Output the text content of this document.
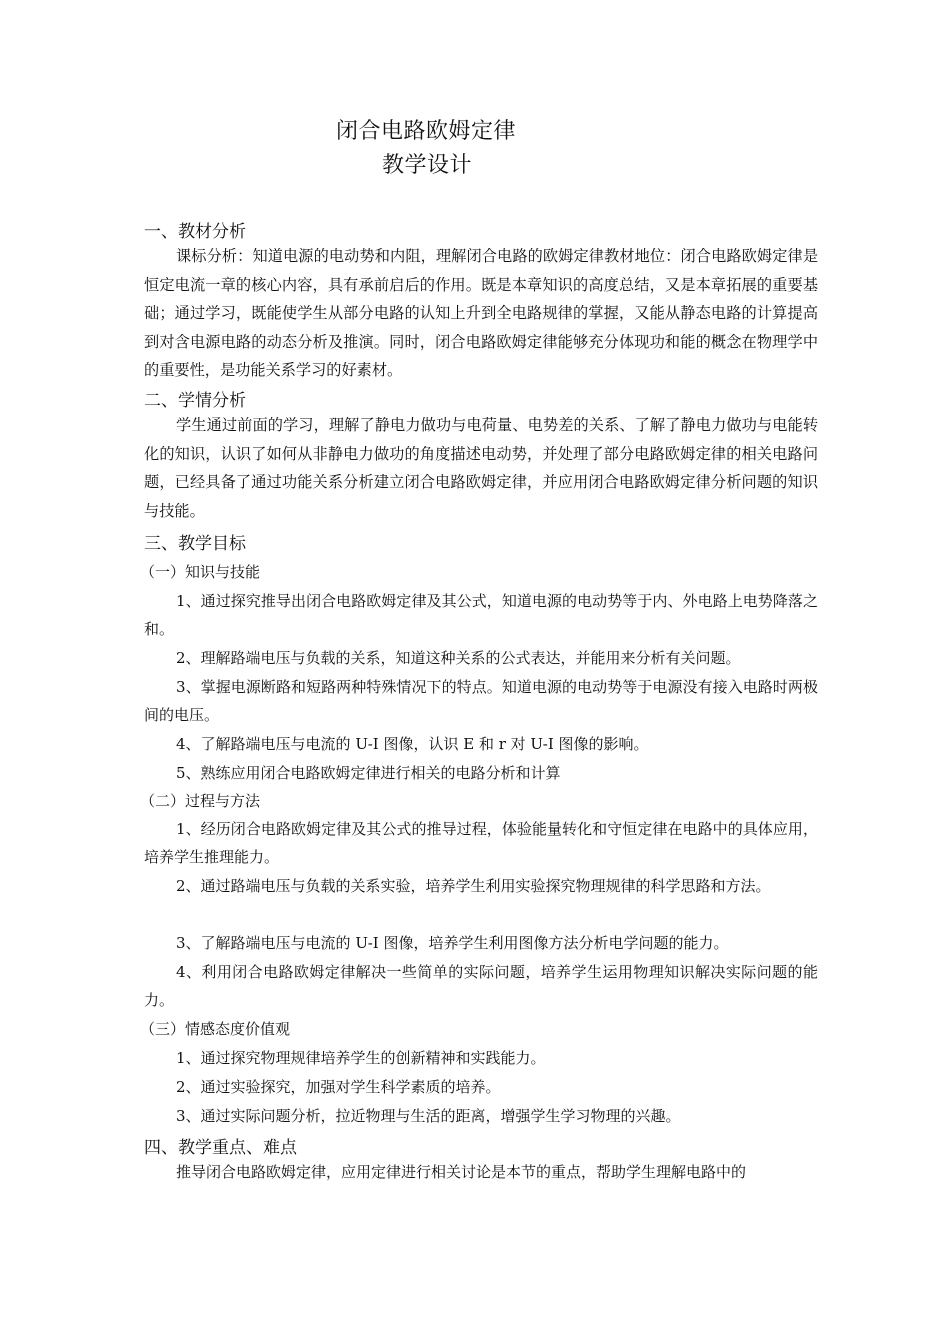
闭合电路欧姆定律
教学设计
一、教材分析
课标分析：知道电源的电动势和内阻，理解闭合电路的欧姆定律教材地位：闭合电路欧姆定律是恒定电流一章的核心内容，具有承前启后的作用。既是本章知识的高度总结，又是本章拓展的重要基础；通过学习，既能使学生从部分电路的认知上升到全电路规律的掌握，又能从静态电路的计算提高到对含电源电路的动态分析及推演。同时，闭合电路欧姆定律能够充分体现功和能的概念在物理学中的重要性，是功能关系学习的好素材。
二、学情分析
学生通过前面的学习，理解了静电力做功与电荷量、电势差的关系、了解了静电力做功与电能转化的知识，认识了如何从非静电力做功的角度描述电动势，并处理了部分电路欧姆定律的相关电路问题，已经具备了通过功能关系分析建立闭合电路欧姆定律，并应用闭合电路欧姆定律分析问题的知识与技能。
三、教学目标
（一）知识与技能
1、通过探究推导出闭合电路欧姆定律及其公式，知道电源的电动势等于内、外电路上电势降落之和。
2、理解路端电压与负载的关系，知道这种关系的公式表达，并能用来分析有关问题。
3、掌握电源断路和短路两种特殊情况下的特点。知道电源的电动势等于电源没有接入电路时两极间的电压。
4、了解路端电压与电流的 U-I 图像，认识 E 和 r 对 U-I 图像的影响。
5、熟练应用闭合电路欧姆定律进行相关的电路分析和计算
（二）过程与方法
1、经历闭合电路欧姆定律及其公式的推导过程，体验能量转化和守恒定律在电路中的具体应用，培养学生推理能力。
2、通过路端电压与负载的关系实验，培养学生利用实验探究物理规律的科学思路和方法。
3、了解路端电压与电流的 U-I 图像，培养学生利用图像方法分析电学问题的能力。
4、利用闭合电路欧姆定律解决一些简单的实际问题，培养学生运用物理知识解决实际问题的能力。
（三）情感态度价值观
1、通过探究物理规律培养学生的创新精神和实践能力。
2、通过实验探究，加强对学生科学素质的培养。
3、通过实际问题分析，拉近物理与生活的距离，增强学生学习物理的兴趣。
四、教学重点、难点
推导闭合电路欧姆定律，应用定律进行相关讨论是本节的重点，帮助学生理解电路中的
